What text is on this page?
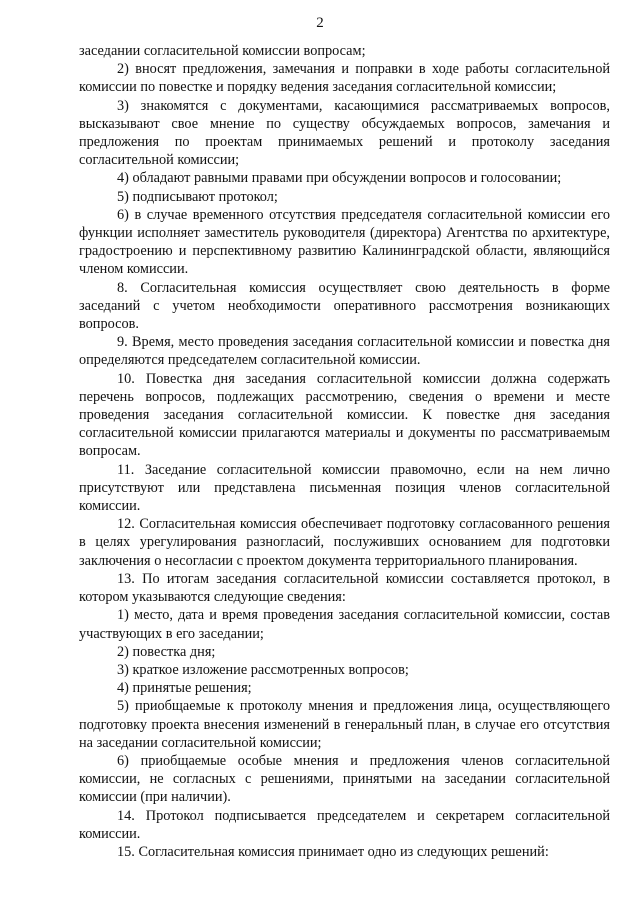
2

заседании согласительной комиссии вопросам;

2) вносят предложения, замечания и поправки в ходе работы согласительной комиссии по повестке и порядку ведения заседания согласительной комиссии;

3) знакомятся с документами, касающимися рассматриваемых вопросов, высказывают свое мнение по существу обсуждаемых вопросов, замечания и предложения по проектам принимаемых решений и протоколу заседания согласительной комиссии;

4) обладают равными правами при обсуждении вопросов и голосовании;

5) подписывают протокол;

6) в случае временного отсутствия председателя согласительной комиссии его функции исполняет заместитель руководителя (директора) Агентства по архитектуре, градостроению и перспективному развитию Калининградской области, являющийся членом комиссии.

8. Согласительная комиссия осуществляет свою деятельность в форме заседаний с учетом необходимости оперативного рассмотрения возникающих вопросов.

9. Время, место проведения заседания согласительной комиссии и повестка дня определяются председателем согласительной комиссии.

10. Повестка дня заседания согласительной комиссии должна содержать перечень вопросов, подлежащих рассмотрению, сведения о времени и месте проведения заседания согласительной комиссии. К повестке дня заседания согласительной комиссии прилагаются материалы и документы по рассматриваемым вопросам.

11. Заседание согласительной комиссии правомочно, если на нем лично присутствуют или представлена письменная позиция членов согласительной комиссии.

12. Согласительная комиссия обеспечивает подготовку согласованного решения в целях урегулирования разногласий, послуживших основанием для подготовки заключения о несогласии с проектом документа территориального планирования.

13. По итогам заседания согласительной комиссии составляется протокол, в котором указываются следующие сведения:

1) место, дата и время проведения заседания согласительной комиссии, состав участвующих в его заседании;

2) повестка дня;

3) краткое изложение рассмотренных вопросов;

4) принятые решения;

5) приобщаемые к протоколу мнения и предложения лица, осуществляющего подготовку проекта внесения изменений в генеральный план, в случае его отсутствия на заседании согласительной комиссии;

6) приобщаемые особые мнения и предложения членов согласительной комиссии, не согласных с решениями, принятыми на заседании согласительной комиссии (при наличии).

14. Протокол подписывается председателем и секретарем согласительной комиссии.

15. Согласительная комиссия принимает одно из следующих решений:
